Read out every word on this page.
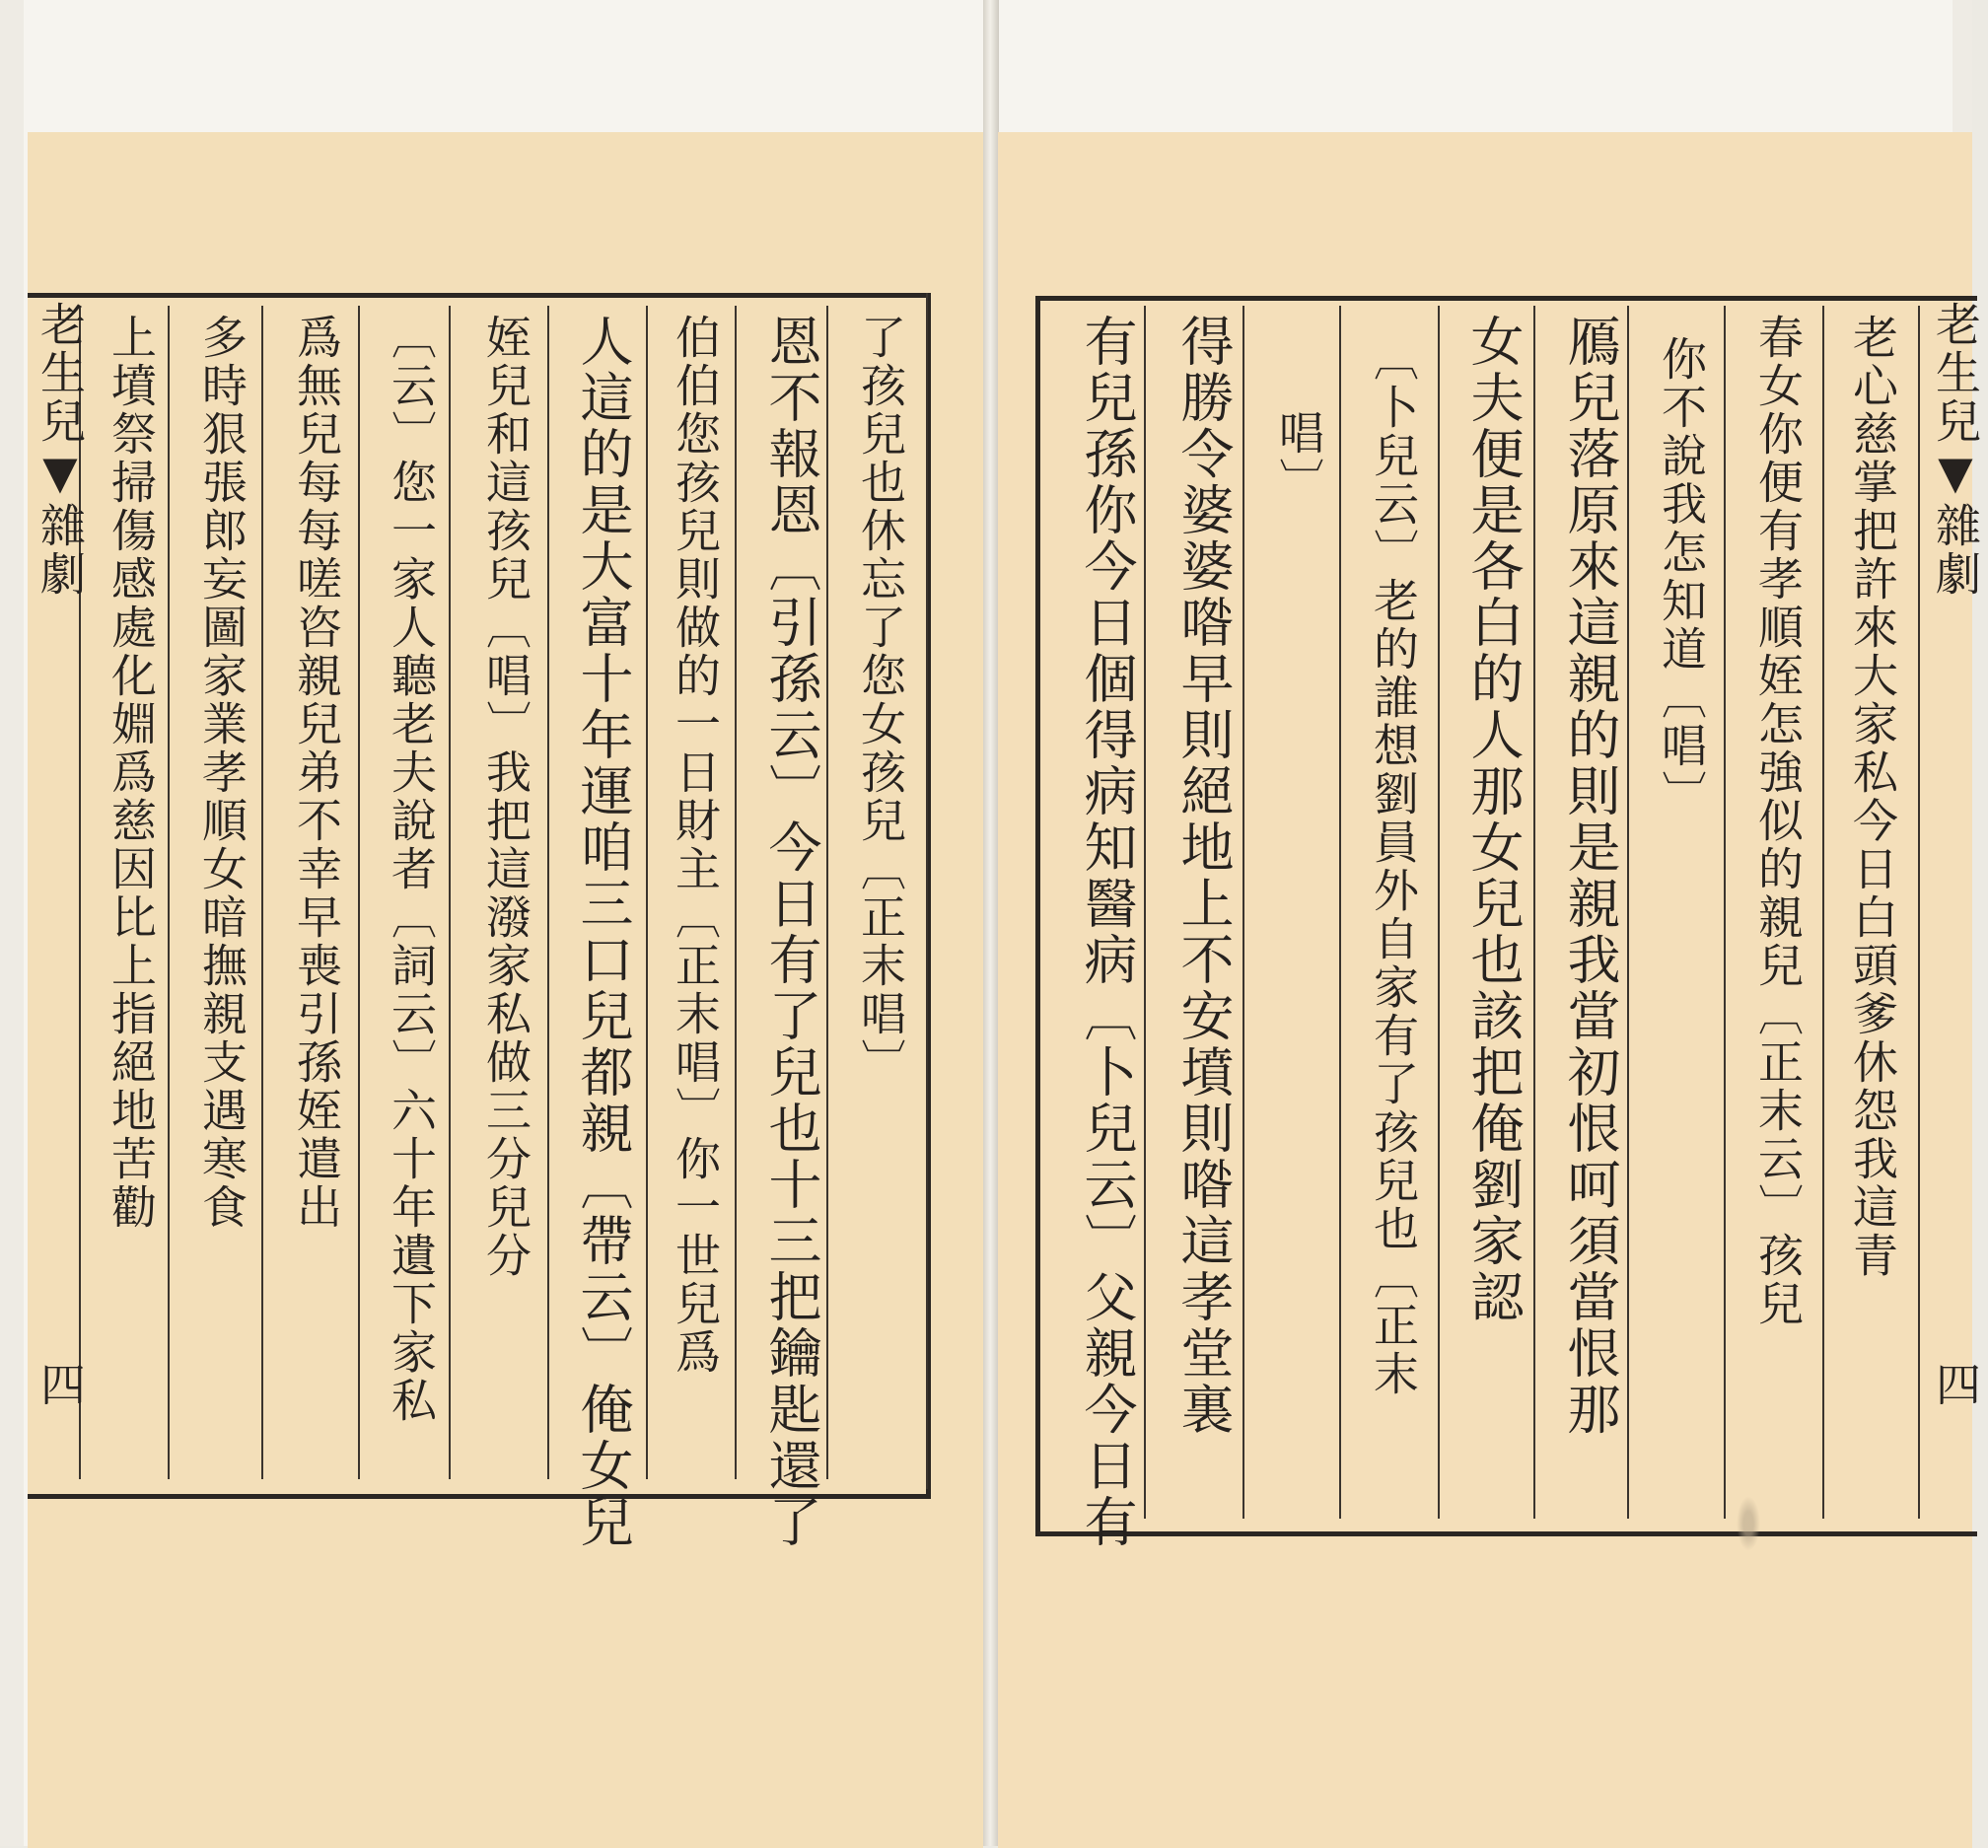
了孩兒也休忘了您女孩兒〔正末唱〕
恩不報恩〔引孫云〕今日有了兒也十三把鑰匙還了
伯伯您孩兒則做的一日財主〔正末唱〕你一世兒爲
人這的是大富十年運咱三口兒都親〔帶云〕俺女兒
姪兒和這孩兒〔唱〕我把這潑家私做三分兒分
〔云〕您一家人聽老夫說者〔詞云〕六十年遺下家私
爲無兒每每嗟咨親兒弟不幸早喪引孫姪遣出
多時狠張郎妄圖家業孝順女暗撫親支遇寒食
上墳祭掃傷感處化婣爲慈因比上指絕地苦勸
老生兒▼雜劇
四
老心慈掌把許來大家私今日白頭爹休怨我這青
春女你便有孝順姪怎強似的親兒〔正末云〕孩兒
你不說我怎知道〔唱〕
鴈兒落原來這親的則是親我當初恨呵須當恨那
女夫便是各白的人那女兒也該把俺劉家認
〔卜兒云〕老的誰想劉員外自家有了孩兒也〔正末
唱〕
得勝令婆婆喒早則絕地上不安墳則喒這孝堂裏
有兒孫你今日個得病知醫病〔卜兒云〕父親今日有	老生兒▼雜劇
四
